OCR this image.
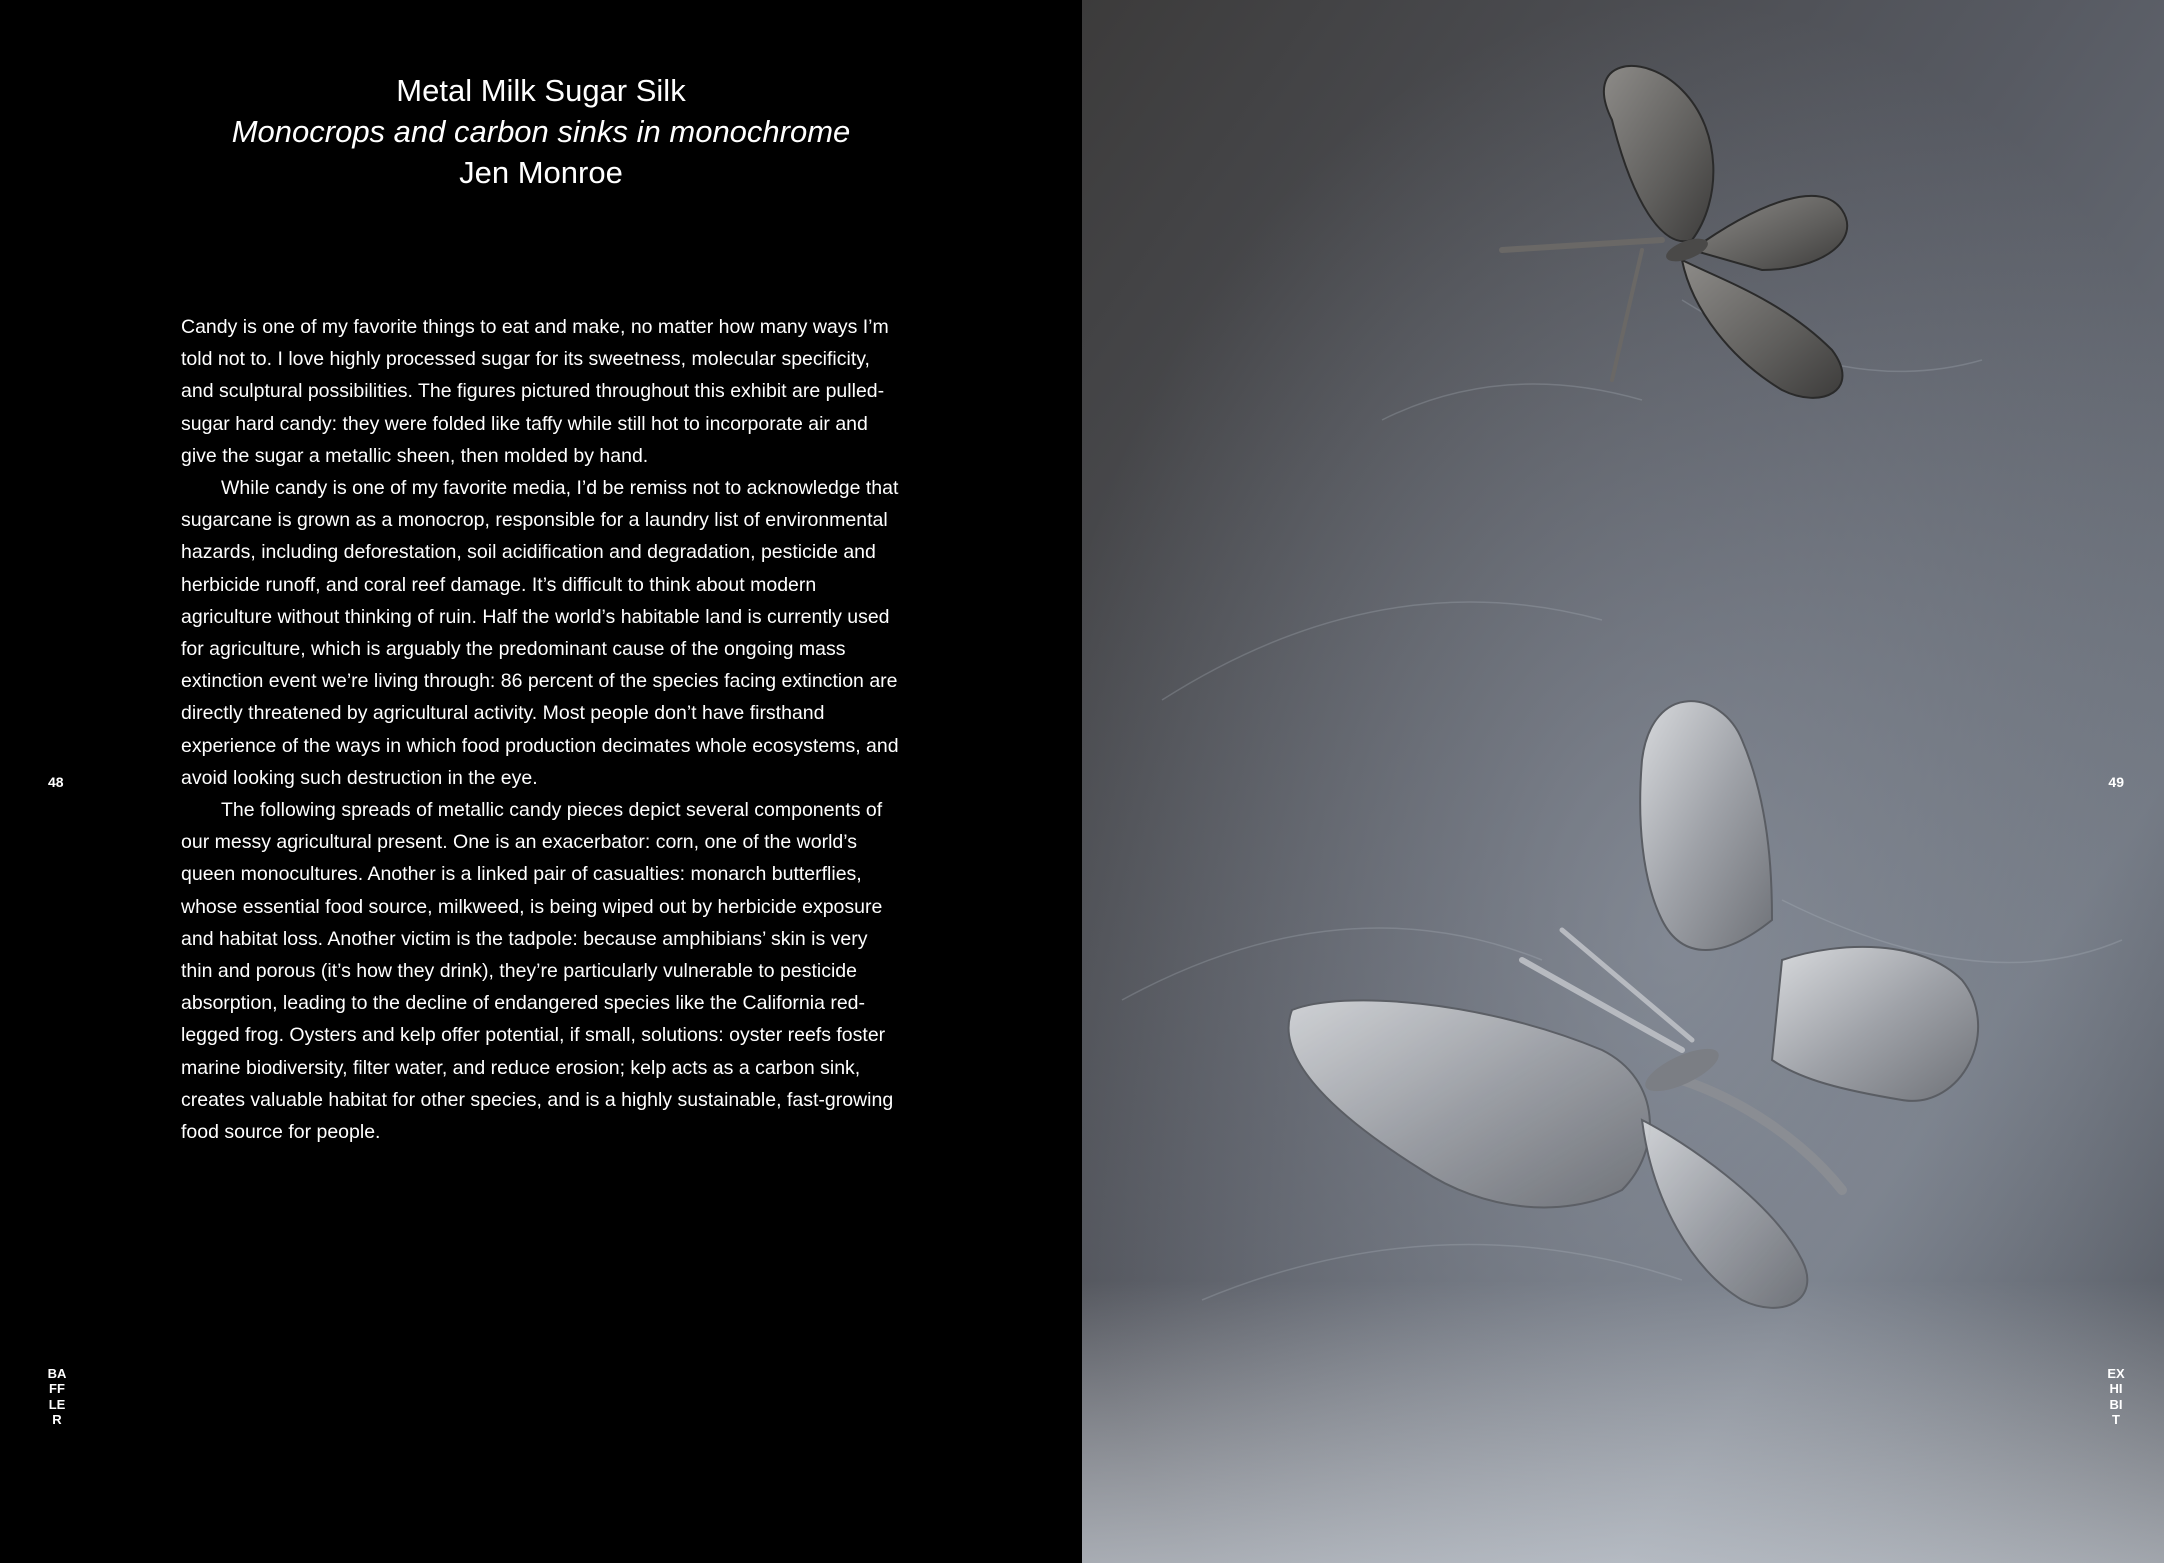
Metal Milk Sugar Silk
Monocrops and carbon sinks in monochrome
Jen Monroe

Candy is one of my favorite things to eat and make, no matter how many ways I’m told not to. I love highly processed sugar for its sweetness, molecular specificity, and sculptural possibilities. The figures pictured throughout this exhibit are pulled-sugar hard candy: they were folded like taffy while still hot to incorporate air and give the sugar a metallic sheen, then molded by hand.

While candy is one of my favorite media, I’d be remiss not to acknowledge that sugarcane is grown as a monocrop, responsible for a laundry list of environmental hazards, including deforestation, soil acidification and degradation, pesticide and herbicide runoff, and coral reef damage. It’s difficult to think about modern agriculture without thinking of ruin. Half the world’s habitable land is currently used for agriculture, which is arguably the predominant cause of the ongoing mass extinction event we’re living through: 86 percent of the species facing extinction are directly threatened by agricultural activity. Most people don’t have firsthand experience of the ways in which food production decimates whole ecosystems, and avoid looking such destruction in the eye.

The following spreads of metallic candy pieces depict several components of our messy agricultural present. One is an exacerbator: corn, one of the world’s queen monocultures. Another is a linked pair of casualties: monarch butterflies, whose essential food source, milkweed, is being wiped out by herbicide exposure and habitat loss. Another victim is the tadpole: because amphibians’ skin is very thin and porous (it’s how they drink), they’re particularly vulnerable to pesticide absorption, leading to the decline of endangered species like the California red-legged frog. Oysters and kelp offer potential, if small, solutions: oyster reefs foster marine biodiversity, filter water, and reduce erosion; kelp acts as a carbon sink, creates valuable habitat for other species, and is a highly sustainable, fast-growing food source for people.

48
BAFFLER
49
EXHIBIT
